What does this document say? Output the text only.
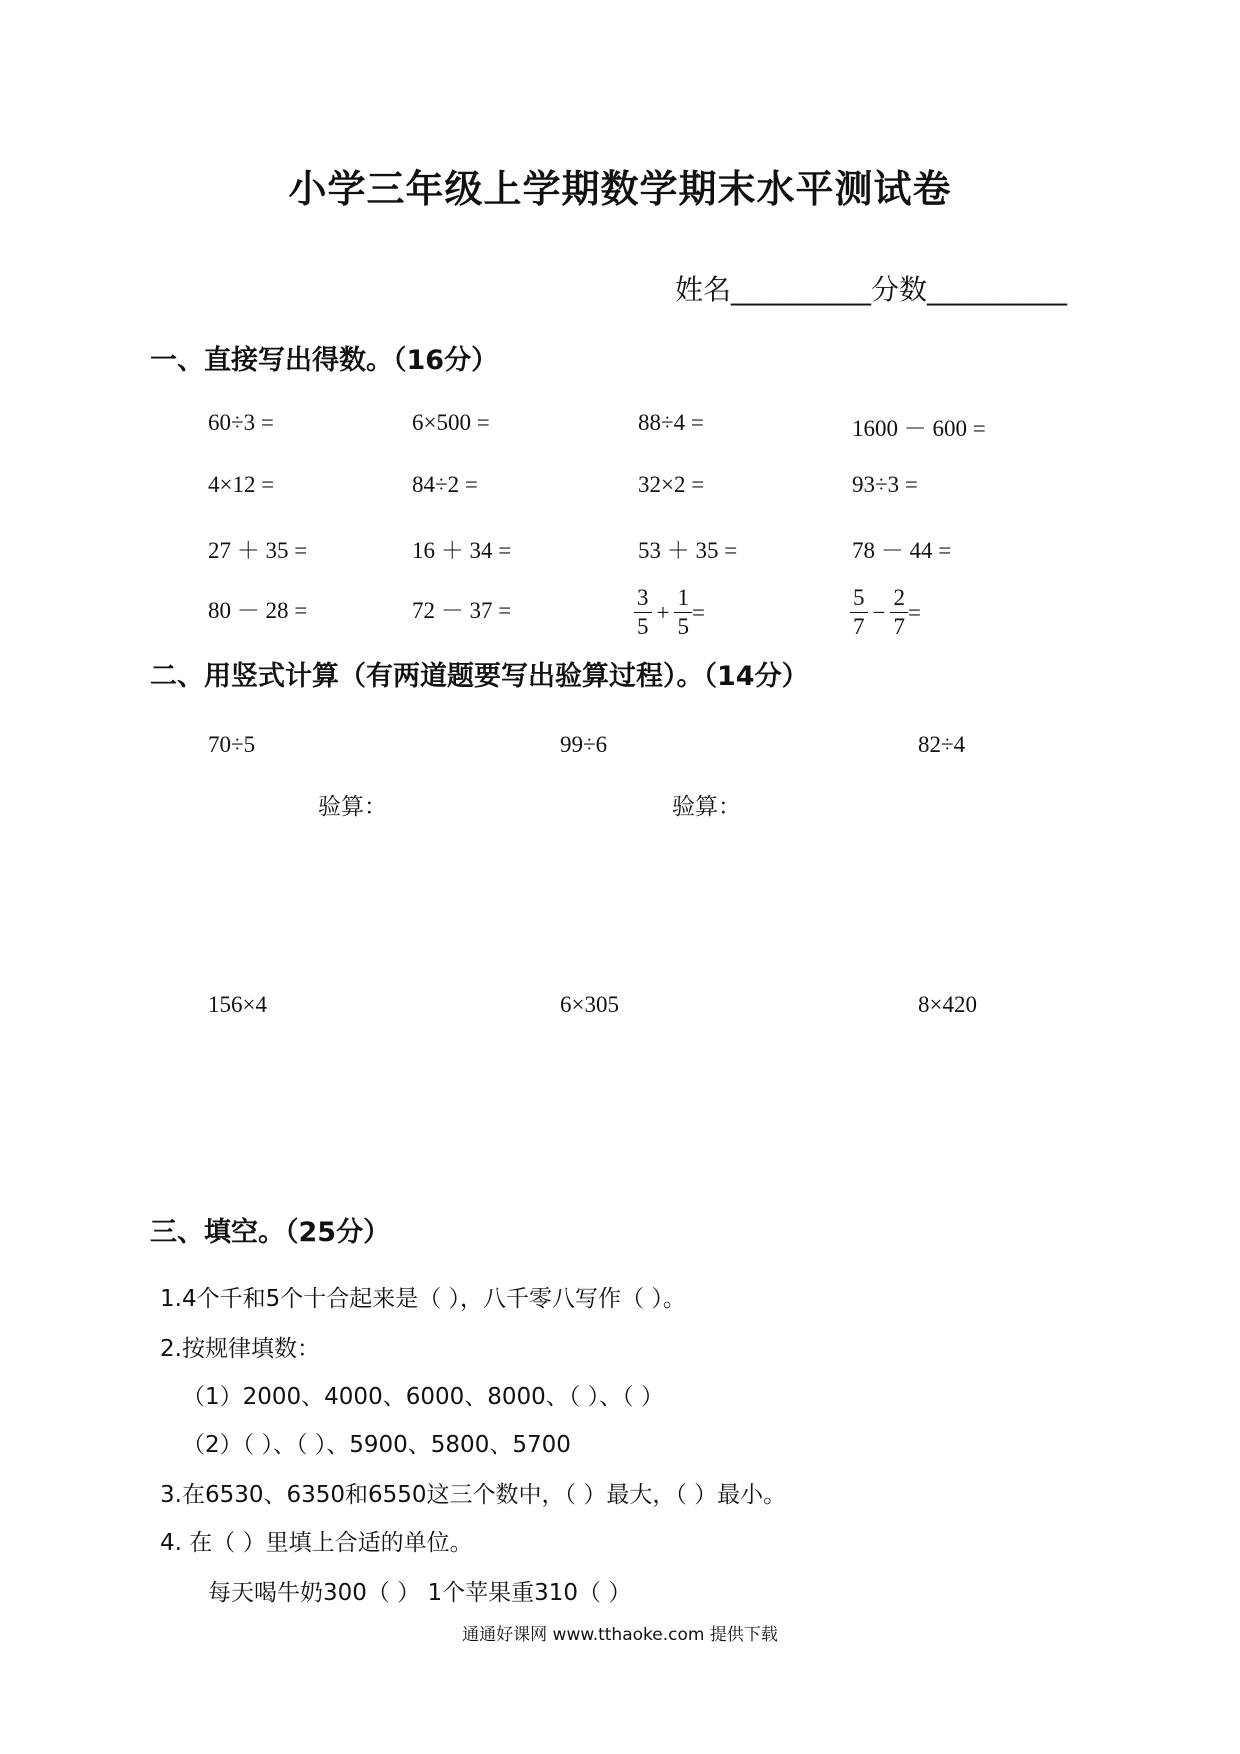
小学三年级上学期数学期末水平测试卷
姓名__________分数__________
一、直接写出得数。（16分）
60÷3 =	6×500 =	88÷4 =	1600 － 600 =
4×12 =	84÷2 =	32×2 =	93÷3 =
27 ＋ 35 =	16 ＋ 34 =	53 ＋ 35 =	78 － 44 =
80 － 28 =	72 － 37 =	$\frac{3}{5} + \frac{1}{5}$ =	$\frac{5}{7} - \frac{2}{7}$ =
二、用竖式计算（有两道题要写出验算过程）。（14分）
70÷5	99÷6	82÷4
验算：	验算：
156×4	6×305	8×420
三、填空。（25分）
1.4个千和5个十合起来是（ ），八千零八写作（ ）。
2.按规律填数：
（1）2000、4000、6000、8000、（ ）、（ ）
（2）（ ）、（ ）、5900、5800、5700
3.在6530、6350和6550这三个数中，（ ）最大，（ ）最小。
4. 在（ ）里填上合适的单位。
每天喝牛奶300（ ） 1个苹果重310（ ）
通通好课网 www.tthaoke.com 提供下载
